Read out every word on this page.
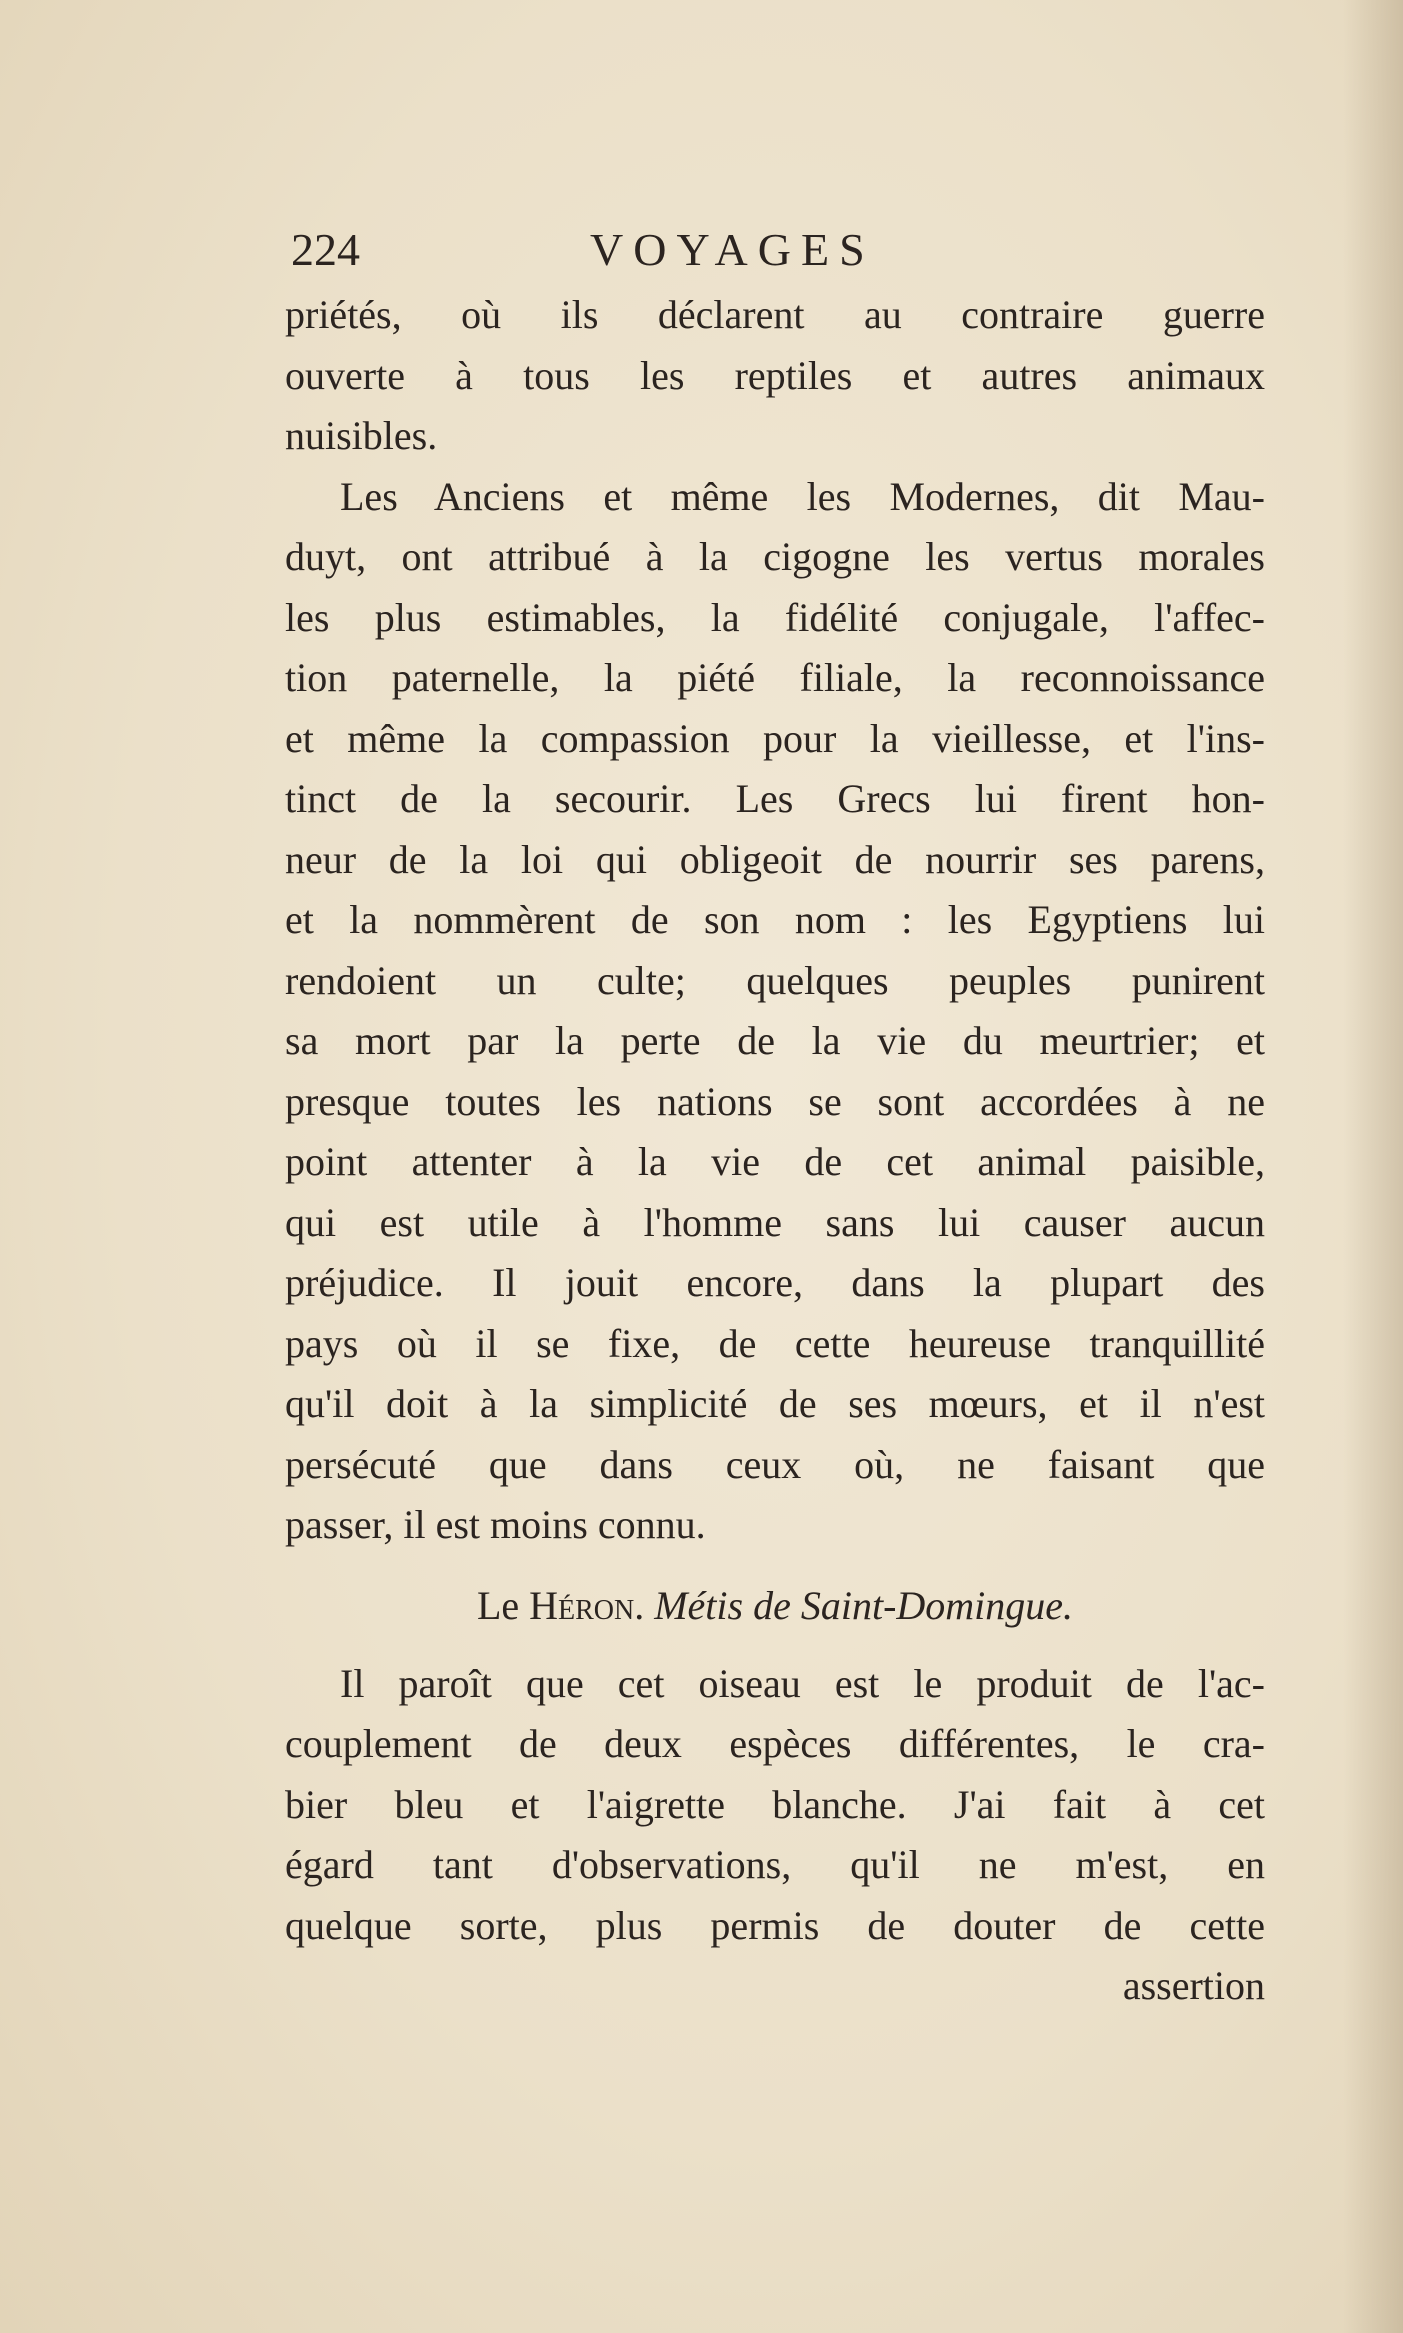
224	VOYAGES

priétés, où ils déclarent au contraire guerre
ouverte à tous les reptiles et autres animaux
nuisibles.

Les Anciens et même les Modernes, dit Mau-
duyt, ont attribué à la cigogne les vertus morales
les plus estimables, la fidélité conjugale, l'affec-
tion paternelle, la piété filiale, la reconnoissance
et même la compassion pour la vieillesse, et l'ins-
tinct de la secourir. Les Grecs lui firent hon-
neur de la loi qui obligeoit de nourrir ses parens,
et la nommèrent de son nom : les Egyptiens lui
rendoient un culte; quelques peuples punirent
sa mort par la perte de la vie du meurtrier; et
presque toutes les nations se sont accordées à ne
point attenter à la vie de cet animal paisible,
qui est utile à l'homme sans lui causer aucun
préjudice. Il jouit encore, dans la plupart des
pays où il se fixe, de cette heureuse tranquillité
qu'il doit à la simplicité de ses mœurs, et il n'est
persécuté que dans ceux où, ne faisant que
passer, il est moins connu.

Le Héron. Métis de Saint-Domingue.

Il paroît que cet oiseau est le produit de l'ac-
couplement de deux espèces différentes, le cra-
bier bleu et l'aigrette blanche. J'ai fait à cet
égard tant d'observations, qu'il ne m'est, en
quelque sorte, plus permis de douter de cette

assertion
